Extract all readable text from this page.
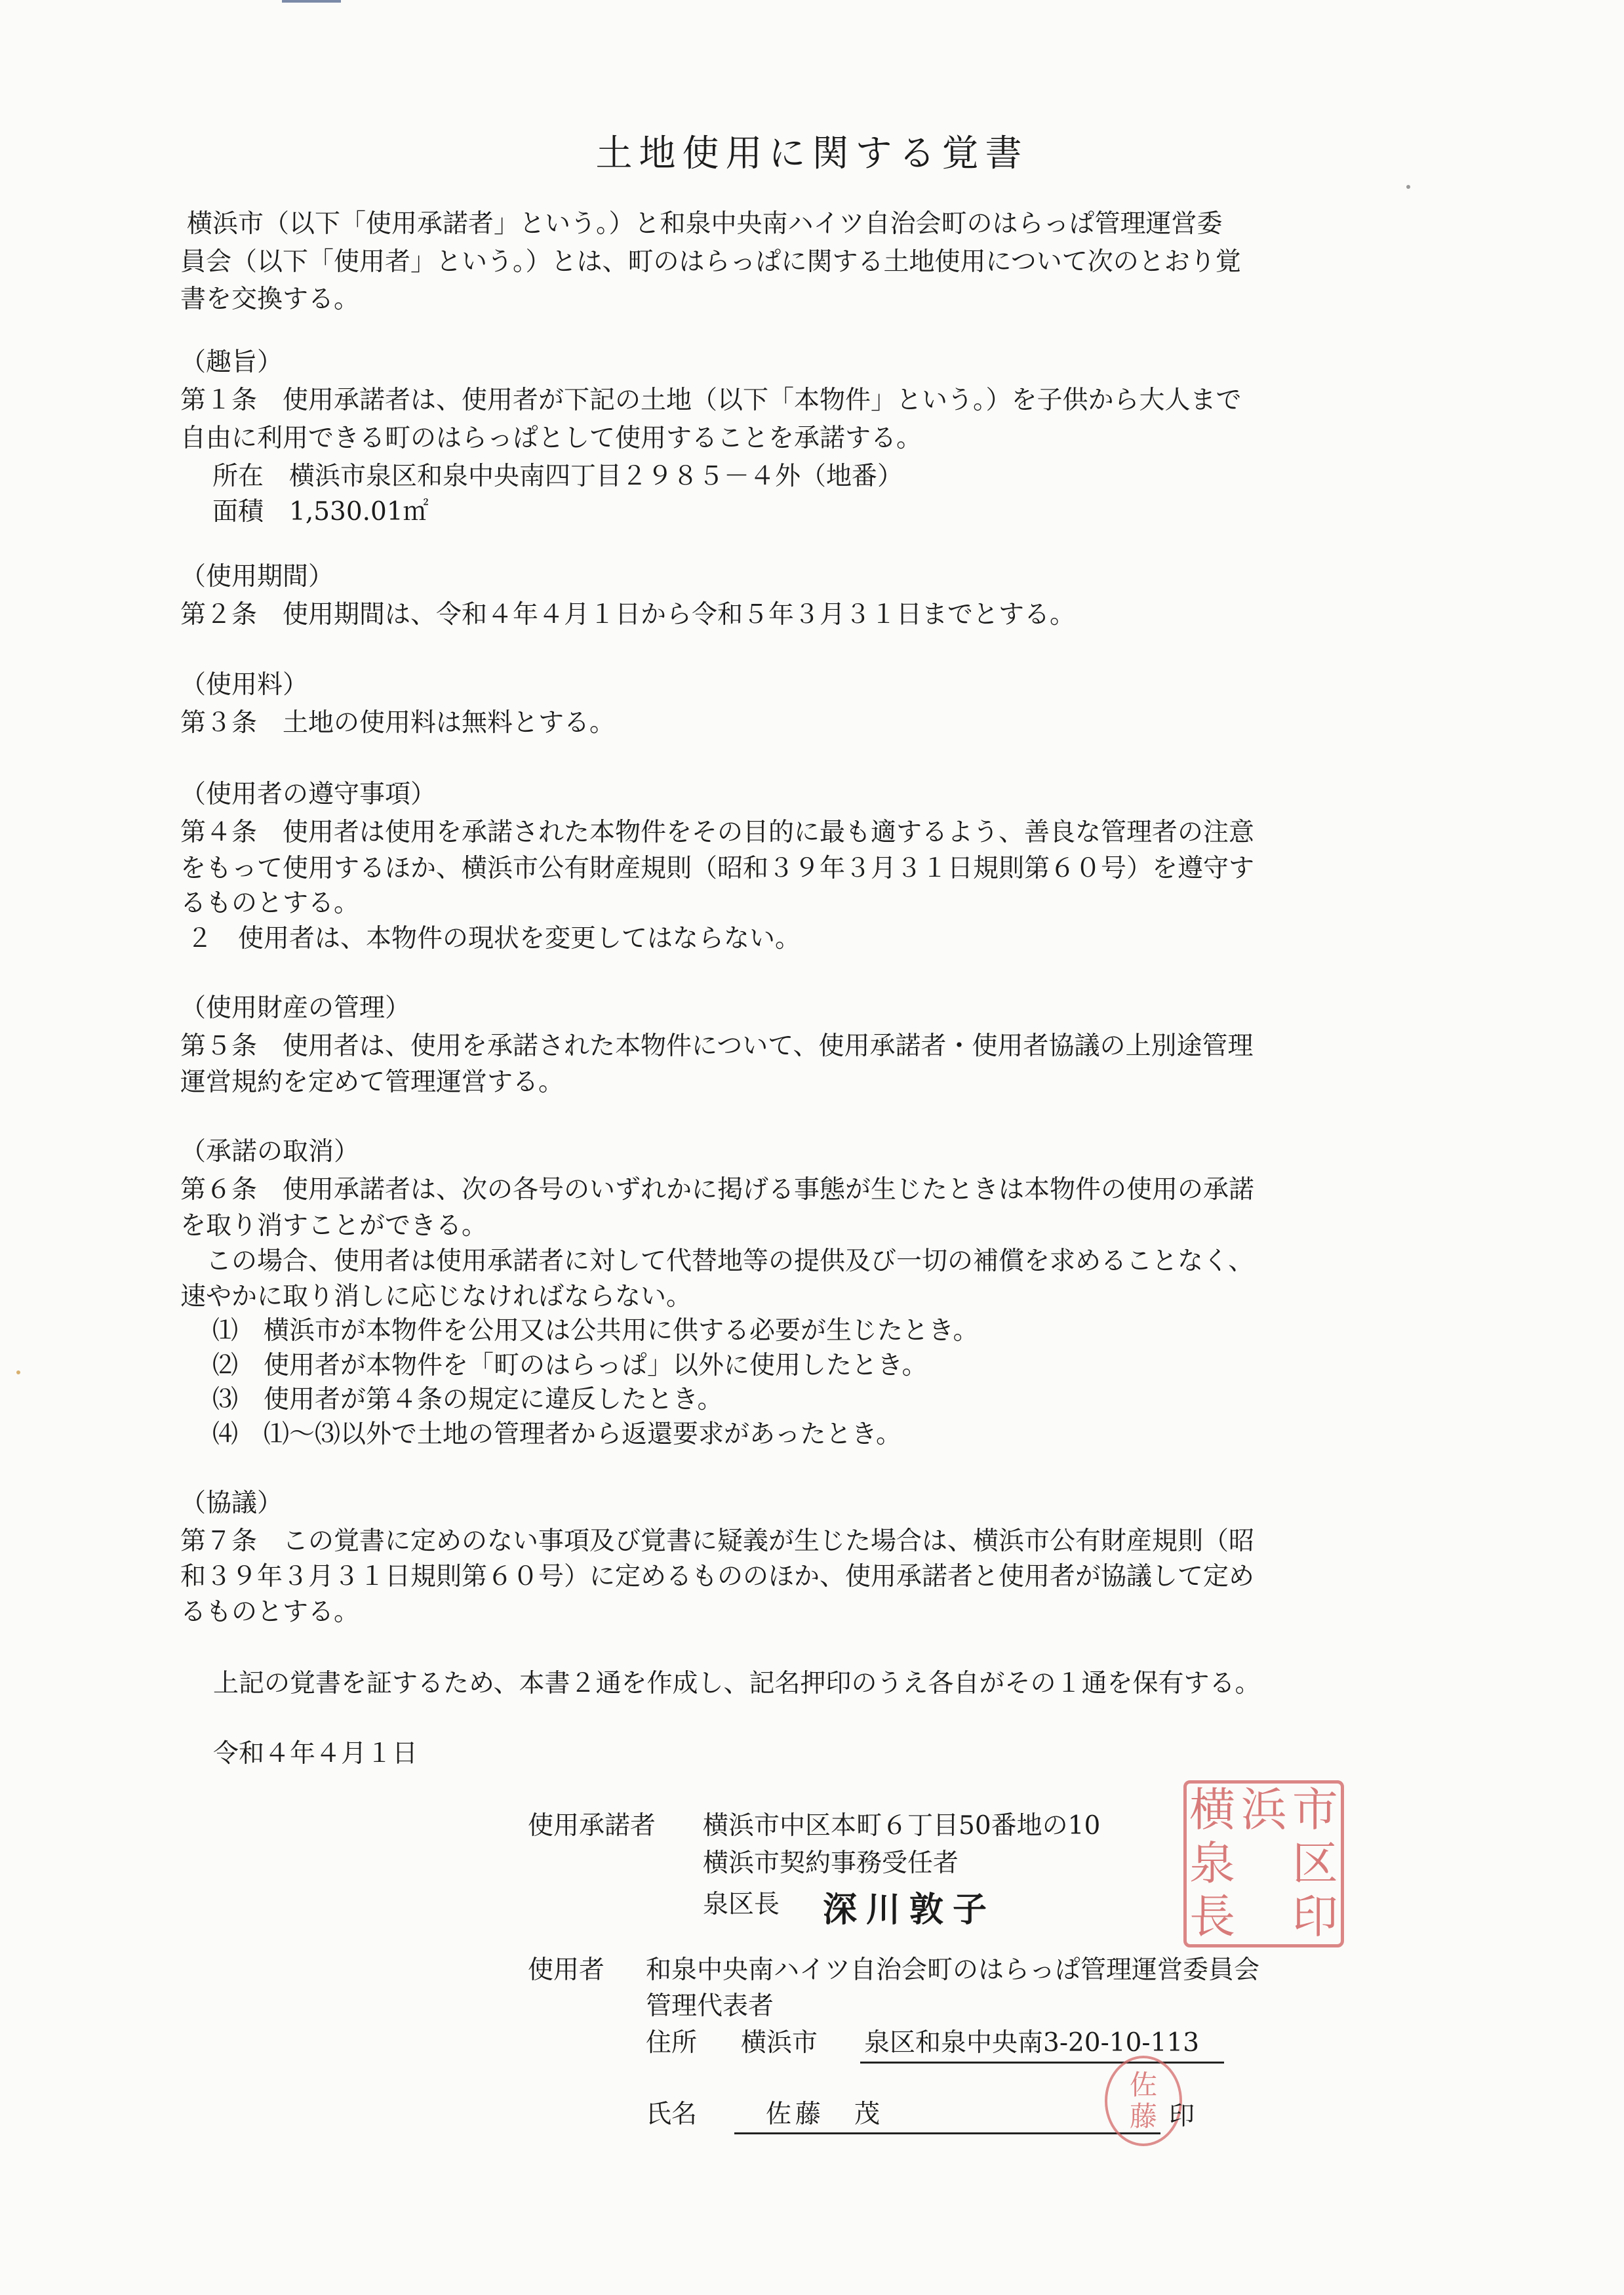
土地使用に関する覚書
横浜市（以下「使用承諾者」という。）と和泉中央南ハイツ自治会町のはらっぱ管理運営委
員会（以下「使用者」という。）とは、町のはらっぱに関する土地使用について次のとおり覚
書を交換する。
（趣旨）
第１条　使用承諾者は、使用者が下記の土地（以下「本物件」という。）を子供から大人まで
自由に利用できる町のはらっぱとして使用することを承諾する。
　所在　横浜市泉区和泉中央南四丁目２９８５－４外（地番）
　面積　1,530.01㎡
（使用期間）
第２条　使用期間は、令和４年４月１日から令和５年３月３１日までとする。
（使用料）
第３条　土地の使用料は無料とする。
（使用者の遵守事項）
第４条　使用者は使用を承諾された本物件をその目的に最も適するよう、善良な管理者の注意
をもって使用するほか、横浜市公有財産規則（昭和３９年３月３１日規則第６０号）を遵守す
るものとする。
２　使用者は、本物件の現状を変更してはならない。
（使用財産の管理）
第５条　使用者は、使用を承諾された本物件について、使用承諾者・使用者協議の上別途管理
運営規約を定めて管理運営する。
（承諾の取消）
第６条　使用承諾者は、次の各号のいずれかに掲げる事態が生じたときは本物件の使用の承諾
を取り消すことができる。
　この場合、使用者は使用承諾者に対して代替地等の提供及び一切の補償を求めることなく、
速やかに取り消しに応じなければならない。
　⑴　横浜市が本物件を公用又は公共用に供する必要が生じたとき。
　⑵　使用者が本物件を「町のはらっぱ」以外に使用したとき。
　⑶　使用者が第４条の規定に違反したとき。
　⑷　⑴～⑶以外で土地の管理者から返還要求があったとき。
（協議）
第７条　この覚書に定めのない事項及び覚書に疑義が生じた場合は、横浜市公有財産規則（昭
和３９年３月３１日規則第６０号）に定めるもののほか、使用承諾者と使用者が協議して定め
るものとする。
上記の覚書を証するため、本書２通を作成し、記名押印のうえ各自がその１通を保有する。
令和４年４月１日
使用承諾者 横浜市中区本町６丁目50番地の10
横浜市契約事務受任者
泉区長 深川敦子
横 浜 市
泉 区
長 印
使用者 和泉中央南ハイツ自治会町のはらっぱ管理運営委員会
管理代表者
住所 横浜市 泉区和泉中央南3-20-10-113
氏名	佐藤　茂
佐
藤 印
